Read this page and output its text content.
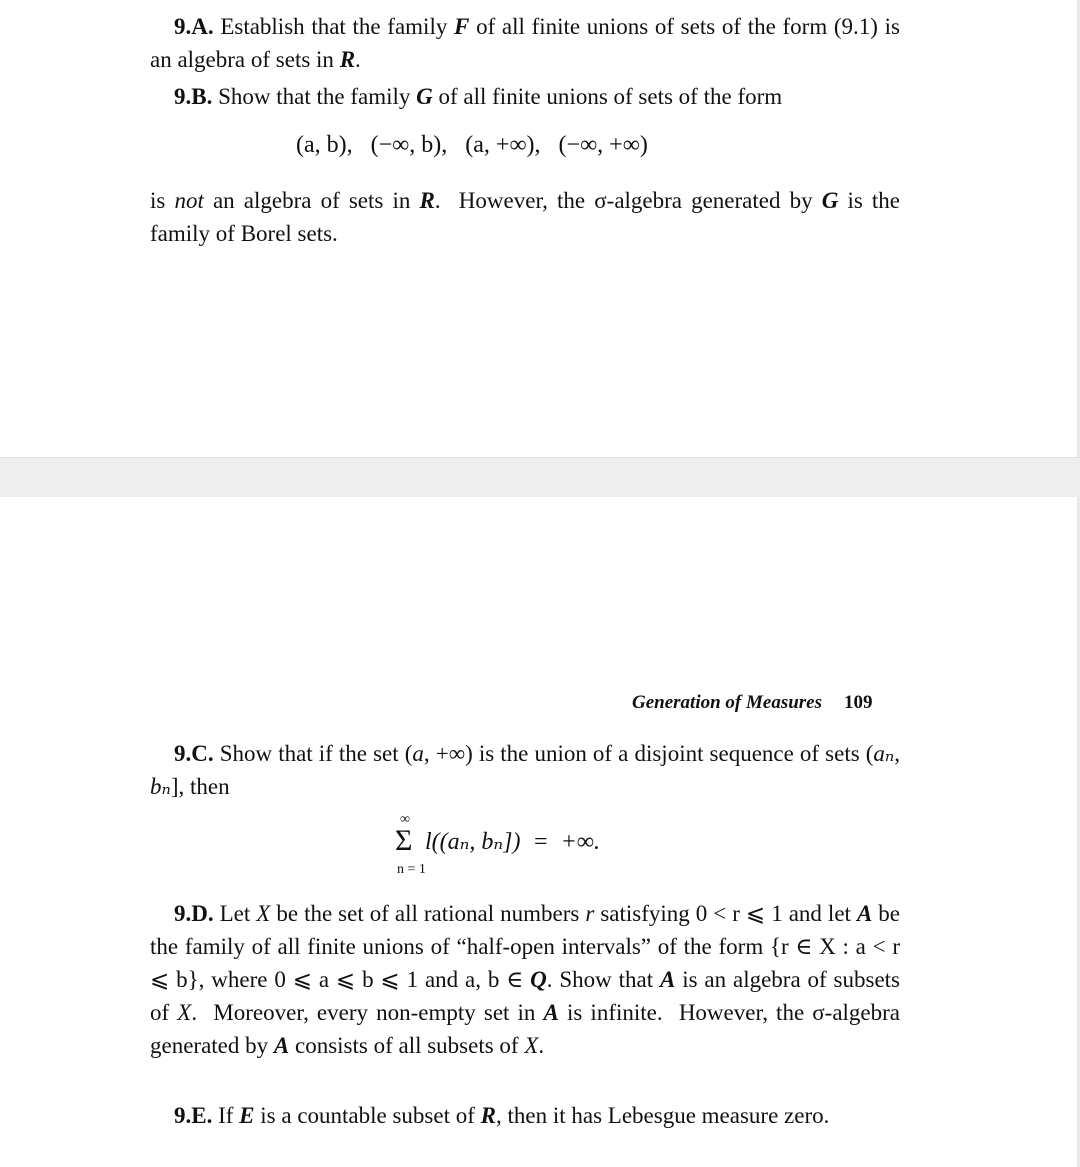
9.A. Establish that the family F of all finite unions of sets of the form (9.1) is an algebra of sets in R.

9.B. Show that the family G of all finite unions of sets of the form

(a, b),   (−∞, b),   (a, +∞),   (−∞, +∞)

is not an algebra of sets in R.  However, the σ-algebra generated by G is the family of Borel sets.

Generation of Measures 109

9.C. Show that if the set (a, +∞) is the union of a disjoint sequence of sets (aₙ, bₙ], then

∞
Σ
n = 1
l((aₙ, bₙ])  =  +∞.

9.D. Let X be the set of all rational numbers r satisfying 0 < r ⩽ 1 and let A be the family of all finite unions of “half-open intervals” of the form {r ∈ X : a < r ⩽ b}, where 0 ⩽ a ⩽ b ⩽ 1 and a, b ∈ Q. Show that A is an algebra of subsets of X.  Moreover, every non-empty set in A is infinite.  However, the σ-algebra generated by A consists of all subsets of X.

9.E. If E is a countable subset of R, then it has Lebesgue measure zero.
